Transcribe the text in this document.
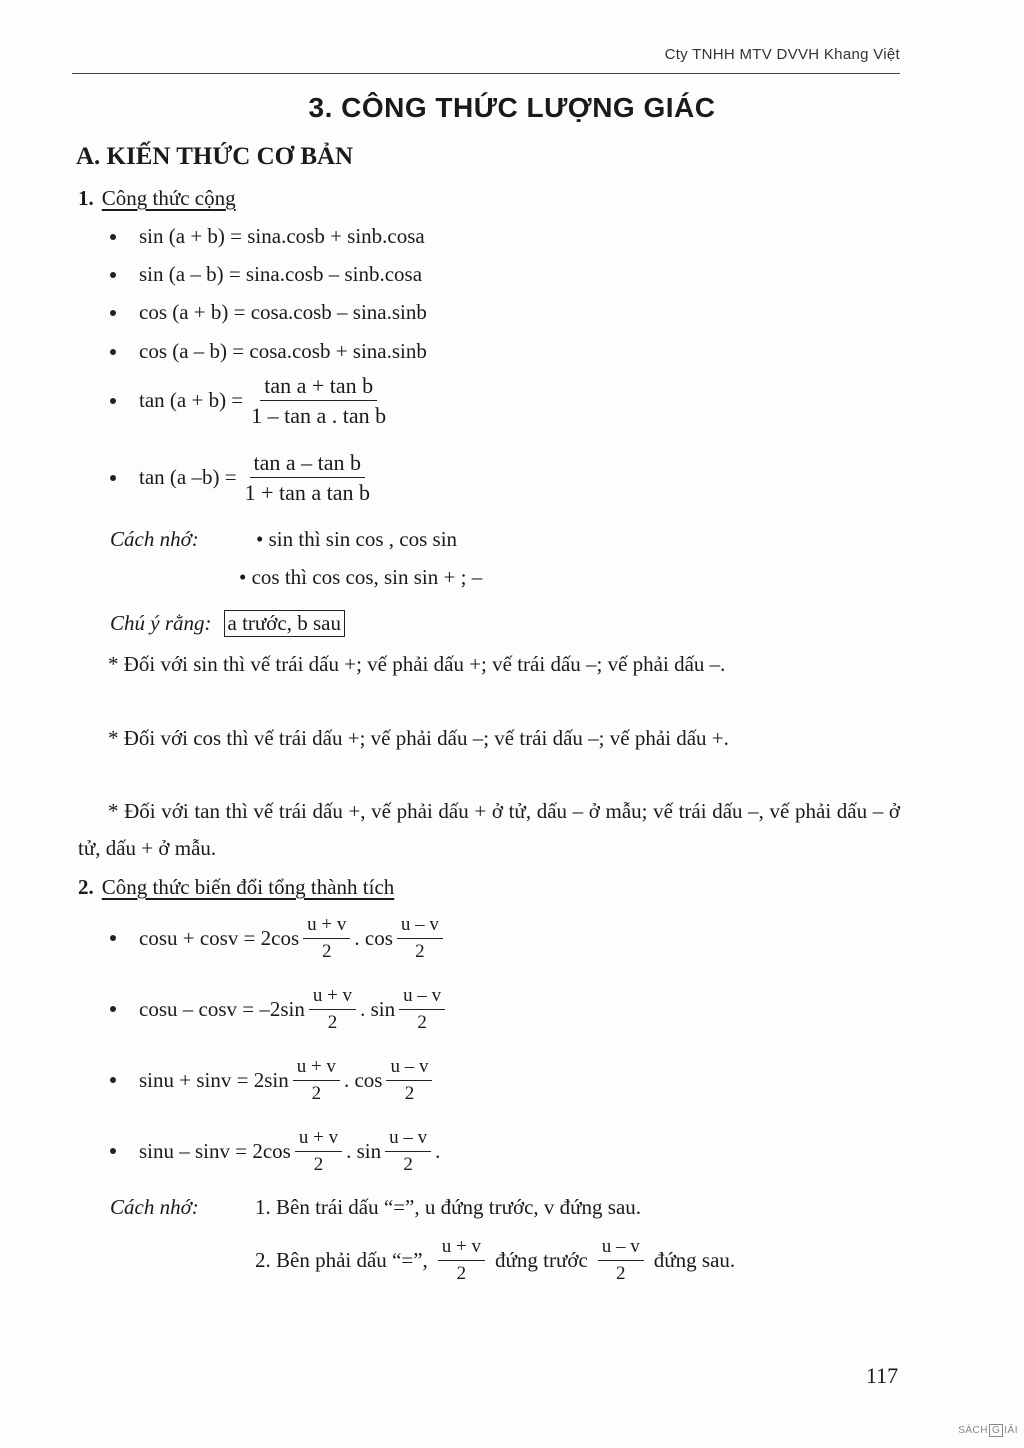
Cty TNHH MTV DVVH Khang Việt
3. CÔNG THỨC LƯỢNG GIÁC
A. KIẾN THỨC CƠ BẢN
1. Công thức cộng
sin (a + b) = sina.cosb + sinb.cosa
sin (a – b) = sina.cosb – sinb.cosa
cos (a + b) = cosa.cosb – sina.sinb
cos (a – b) = cosa.cosb + sina.sinb
$\tan (a + b) = \frac{\text{tan a + tan b}}{\text{1 – tan a . tan b}}$
tan (a $-b) = \frac{\text{tan a – tan b}}{\text{1 + tan a tan b}}$
Cách nhớ:	• sin thì sin cos , cos sin
• cos thì cos cos, sin sin + ; –
Chú ý rằng: a trước, b sau
* Đối với sin thì vế trái dấu +; vế phải dấu +; vế trái dấu –; vế phải dấu –.
* Đối với cos thì vế trái dấu +; vế phải dấu –; vế trái dấu –; vế phải dấu +.
* Đối với tan thì vế trái dấu +, vế phải dấu + ở tử, dấu – ở mẫu; vế trái dấu –, vế phải dấu – ở tử, dấu + ở mẫu.
2. Công thức biến đổi tổng thành tích
$\cos u + \cos v = 2\cos \frac{u + v}{2}$ . $\cos \frac{u - v}{2}$
$\cos u - \cos v = -2\sin \frac{u + v}{2}$ . $\sin \frac{u - v}{2}$
$\sin u + \sin v = 2\sin \frac{u + v}{2}$ . $\cos \frac{u - v}{2}$
$\sin u - \sin v = 2\cos \frac{u + v}{2}$ . $\sin \frac{u - v}{2}$ .
Cách nhớ:	1. Bên trái dấu “=”, u đứng trước, v đứng sau.
2. Bên phải dấu “=”, $\frac{u + v}{2}$ đứng trước $\frac{u - v}{2}$ đứng sau.
117
SÁCH G IẢI
